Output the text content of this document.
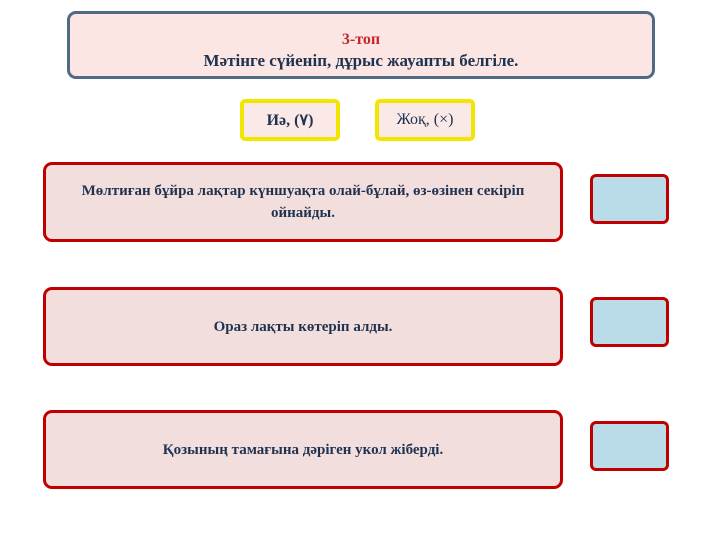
3-топ
Мәтінге сүйеніп, дұрыс жауапты белгіле.
Иә, (٧)	Жоқ, (×)
Мөлтиған бұйра лақтар күншуақта олай-бұлай, өз-өзінен секіріп ойнайды.
Ораз лақты көтеріп алды.
Қозының тамағына дәріген укол жіберді.
